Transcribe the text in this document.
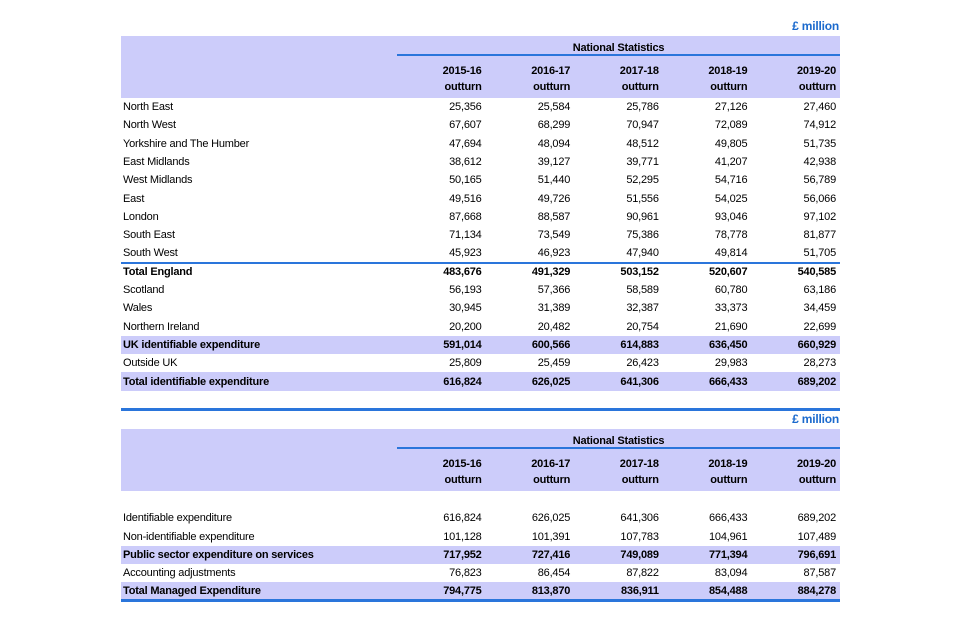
£ million
	National Statistics				
	2015-16	2016-17	2017-18	2018-19	2019-20
	outturn	outturn	outturn	outturn	outturn
North East	25,356	25,584	25,786	27,126	27,460
North West	67,607	68,299	70,947	72,089	74,912
Yorkshire and The Humber	47,694	48,094	48,512	49,805	51,735
East Midlands	38,612	39,127	39,771	41,207	42,938
West Midlands	50,165	51,440	52,295	54,716	56,789
East	49,516	49,726	51,556	54,025	56,066
London	87,668	88,587	90,961	93,046	97,102
South East	71,134	73,549	75,386	78,778	81,877
South West	45,923	46,923	47,940	49,814	51,705
Total England	483,676	491,329	503,152	520,607	540,585
Scotland	56,193	57,366	58,589	60,780	63,186
Wales	30,945	31,389	32,387	33,373	34,459
Northern Ireland	20,200	20,482	20,754	21,690	22,699
UK identifiable expenditure	591,014	600,566	614,883	636,450	660,929
Outside UK	25,809	25,459	26,423	29,983	28,273
Total identifiable expenditure	616,824	626,025	641,306	666,433	689,202
£ million
	National Statistics				
	2015-16	2016-17	2017-18	2018-19	2019-20
	outturn	outturn	outturn	outturn	outturn

Identifiable expenditure	616,824	626,025	641,306	666,433	689,202
Non-identifiable expenditure	101,128	101,391	107,783	104,961	107,489
Public sector expenditure on services	717,952	727,416	749,089	771,394	796,691
Accounting adjustments	76,823	86,454	87,822	83,094	87,587
Total Managed Expenditure	794,775	813,870	836,911	854,488	884,278
